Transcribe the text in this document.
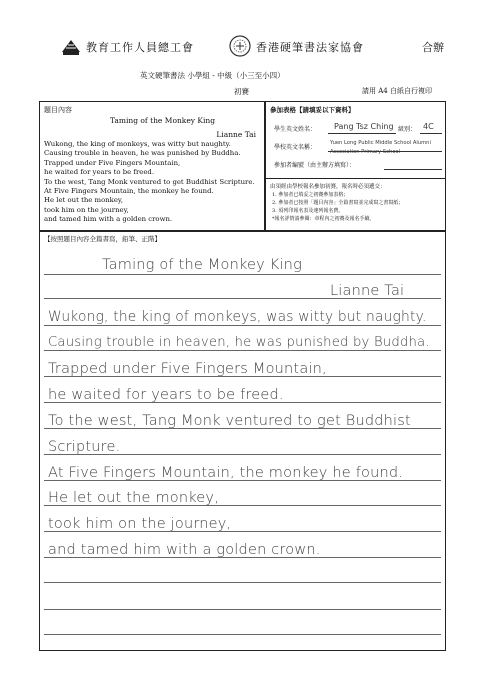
教育工作人員總工會	香港硬筆書法家協會	合辦
英文硬筆書法 小學組 - 中級（小三至小四）
初賽	請用 A4 白紙自行複印
題目內容
Taming of the Monkey King
Lianne Tai
Wukong, the king of monkeys, was witty but naughty.
Causing trouble in heaven, he was punished by Buddha.
Trapped under Five Fingers Mountain,
he waited for years to be freed.
To the west, Tang Monk ventured to get Buddhist Scripture.
At Five Fingers Mountain, the monkey he found.
He let out the monkey,
took him on the journey,
and tamed him with a golden crown.
參加表格【請填妥以下資料】
學生英文姓名： Pang Tsz Ching 級別： 4C
學校英文名稱：
Yuen Long Public Middle School Alumni
Association Primary School
參加者編號（由主辦方填寫）：
由須經由學校報名參加初賽，報名時必須遞交：
1. 參加者已填妥之初賽參加表格；
2. 參加者已按照「題目內容」全篇書寫並完成寫之書寫紙；
3. 須列印報名表及速列報名費。
*報名詳情請參閱：章程內之初賽及報名手續。
【按照題目內容全篇書寫，鉛筆、正階】
Taming of the Monkey King
Lianne Tai
Wukong, the king of monkeys, was witty but naughty.
Causing trouble in heaven, he was punished by Buddha.
Trapped under Five Fingers Mountain,
he waited for years to be freed.
To the west, Tang Monk ventured to get Buddhist
Scripture.
At Five Fingers Mountain, the monkey he found.
He let out the monkey,
took him on the journey,
and tamed him with a golden crown.
